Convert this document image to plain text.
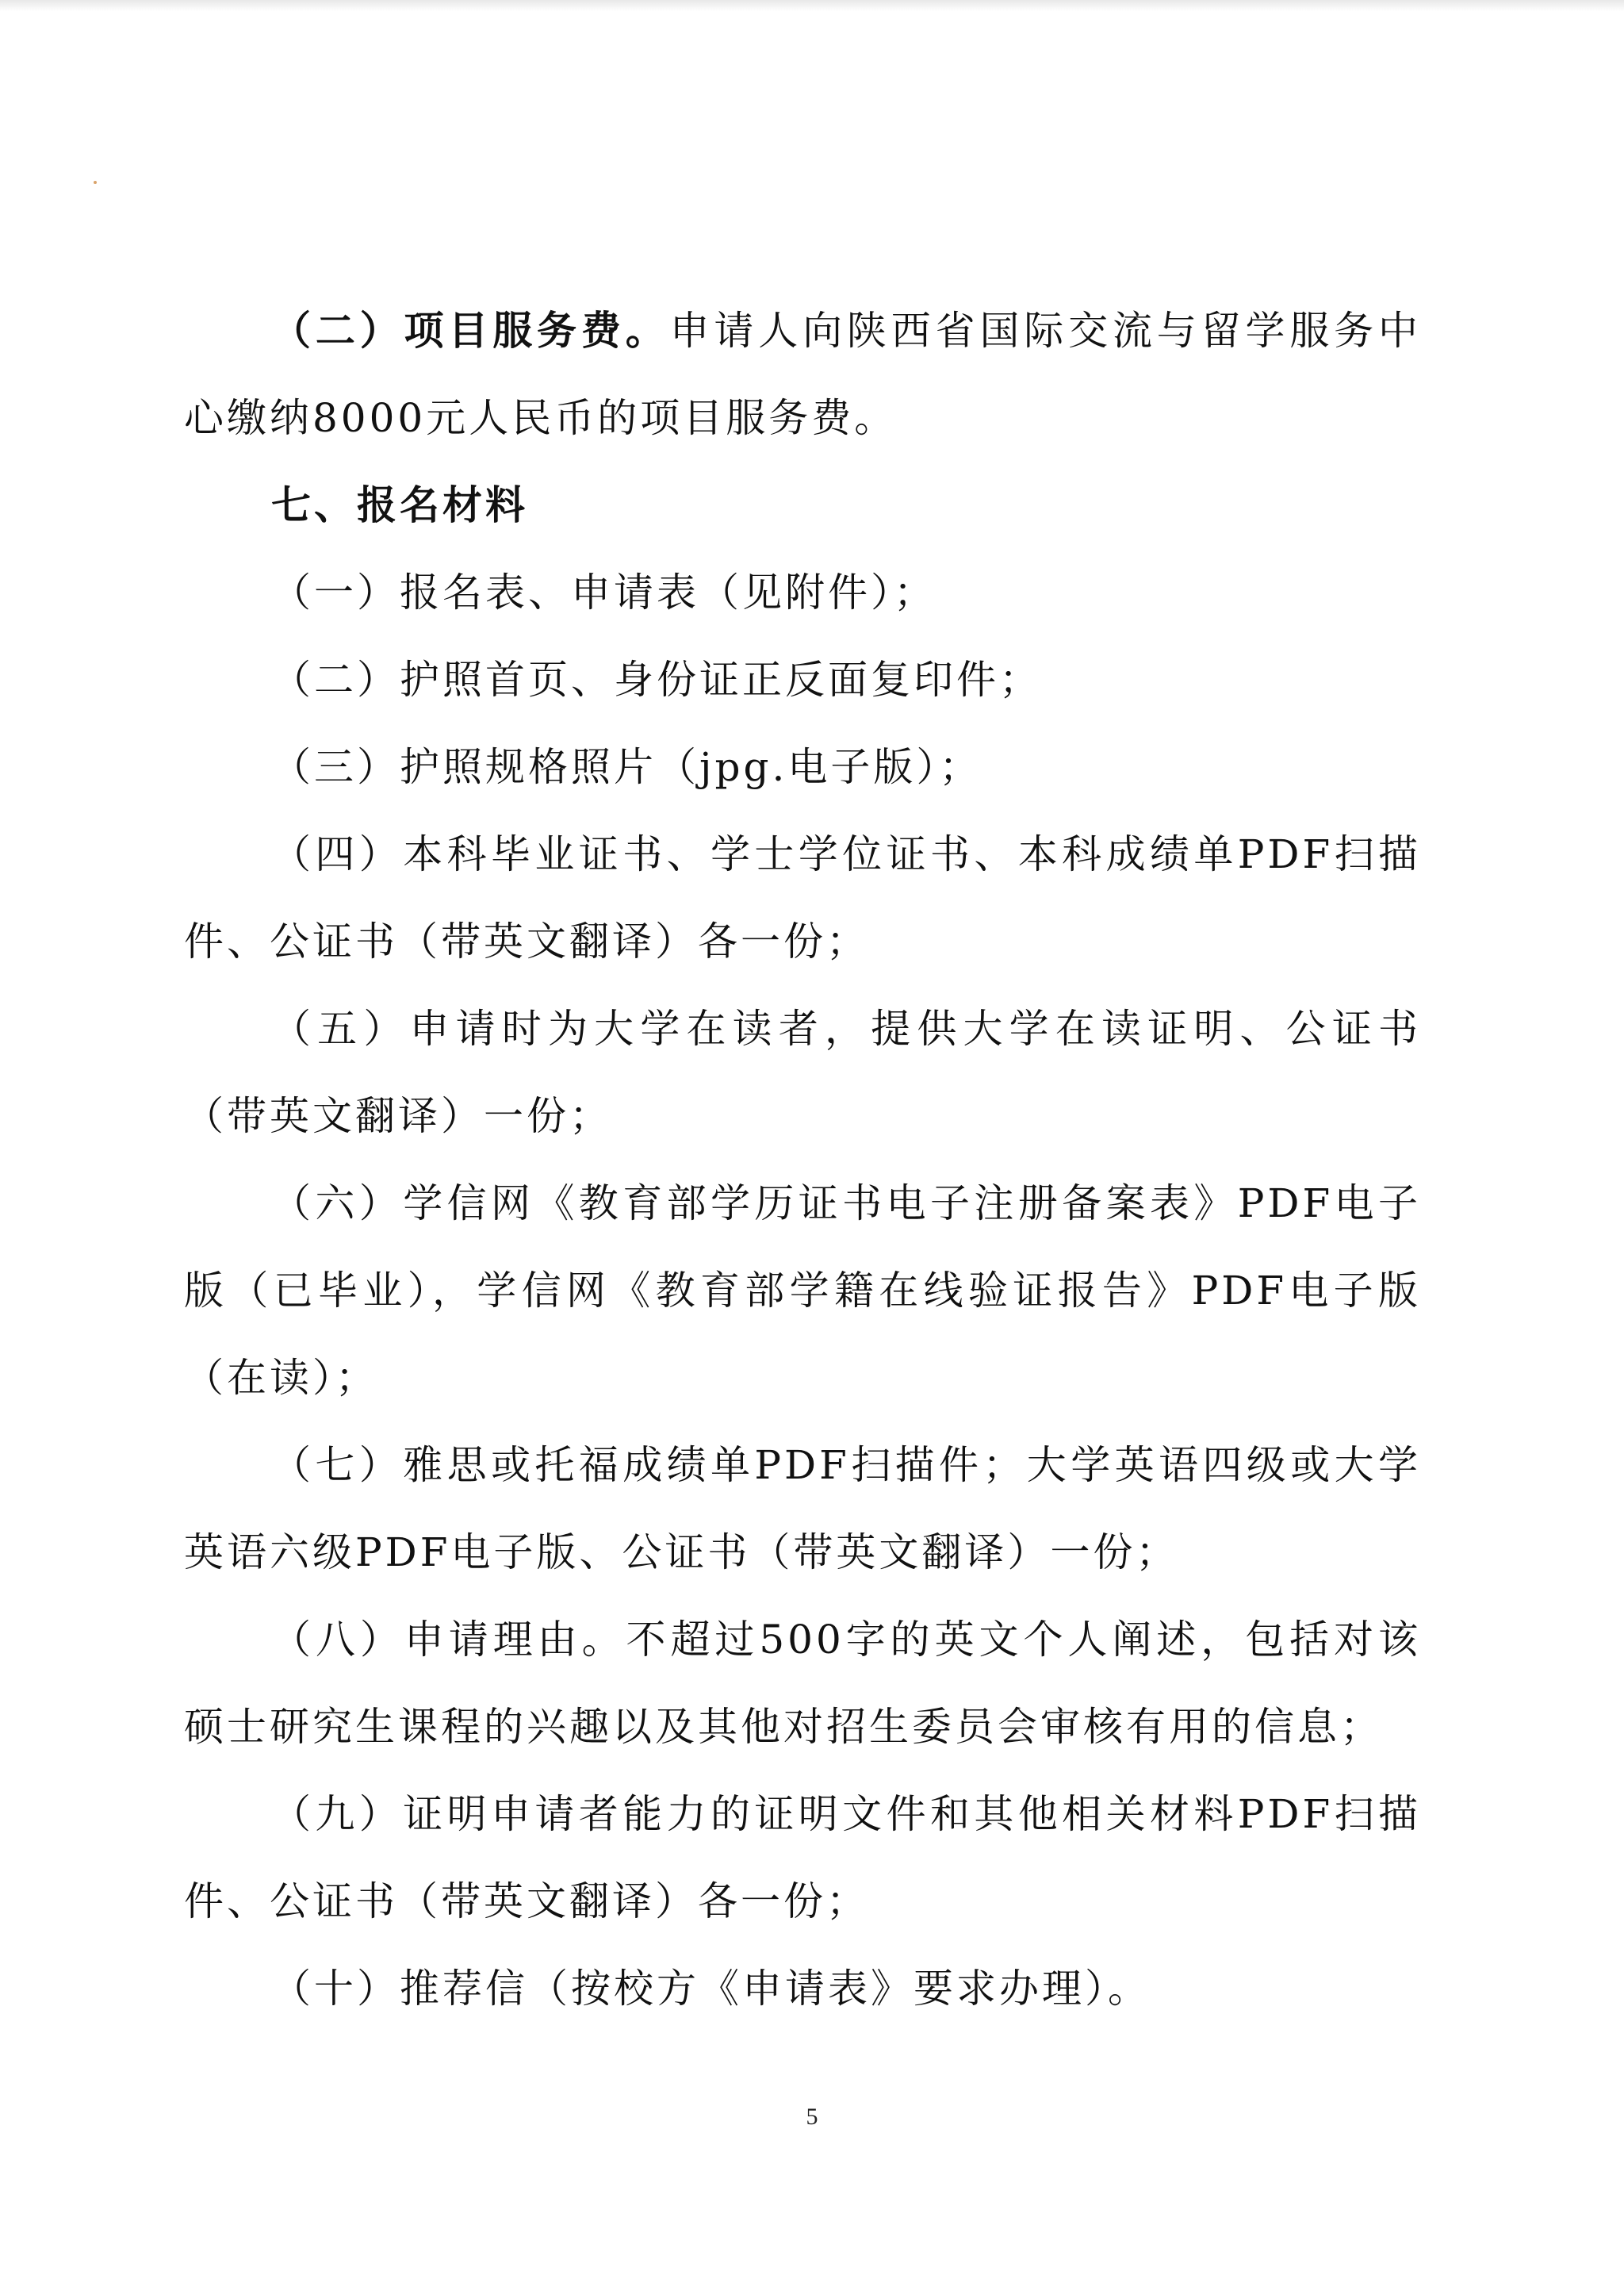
（二）项目服务费。申请人向陕西省国际交流与留学服务中心缴纳8000元人民币的项目服务费。

七、报名材料

（一）报名表、申请表（见附件）；

（二）护照首页、身份证正反面复印件；

（三）护照规格照片（jpg.电子版）；

（四）本科毕业证书、学士学位证书、本科成绩单PDF扫描件、公证书（带英文翻译）各一份；

（五）申请时为大学在读者，提供大学在读证明、公证书（带英文翻译）一份；

（六）学信网《教育部学历证书电子注册备案表》PDF电子版（已毕业），学信网《教育部学籍在线验证报告》PDF电子版（在读）；

（七）雅思或托福成绩单PDF扫描件；大学英语四级或大学英语六级PDF电子版、公证书（带英文翻译）一份；

（八）申请理由。不超过500字的英文个人阐述，包括对该硕士研究生课程的兴趣以及其他对招生委员会审核有用的信息；

（九）证明申请者能力的证明文件和其他相关材料PDF扫描件、公证书（带英文翻译）各一份；

（十）推荐信（按校方《申请表》要求办理）。

5
